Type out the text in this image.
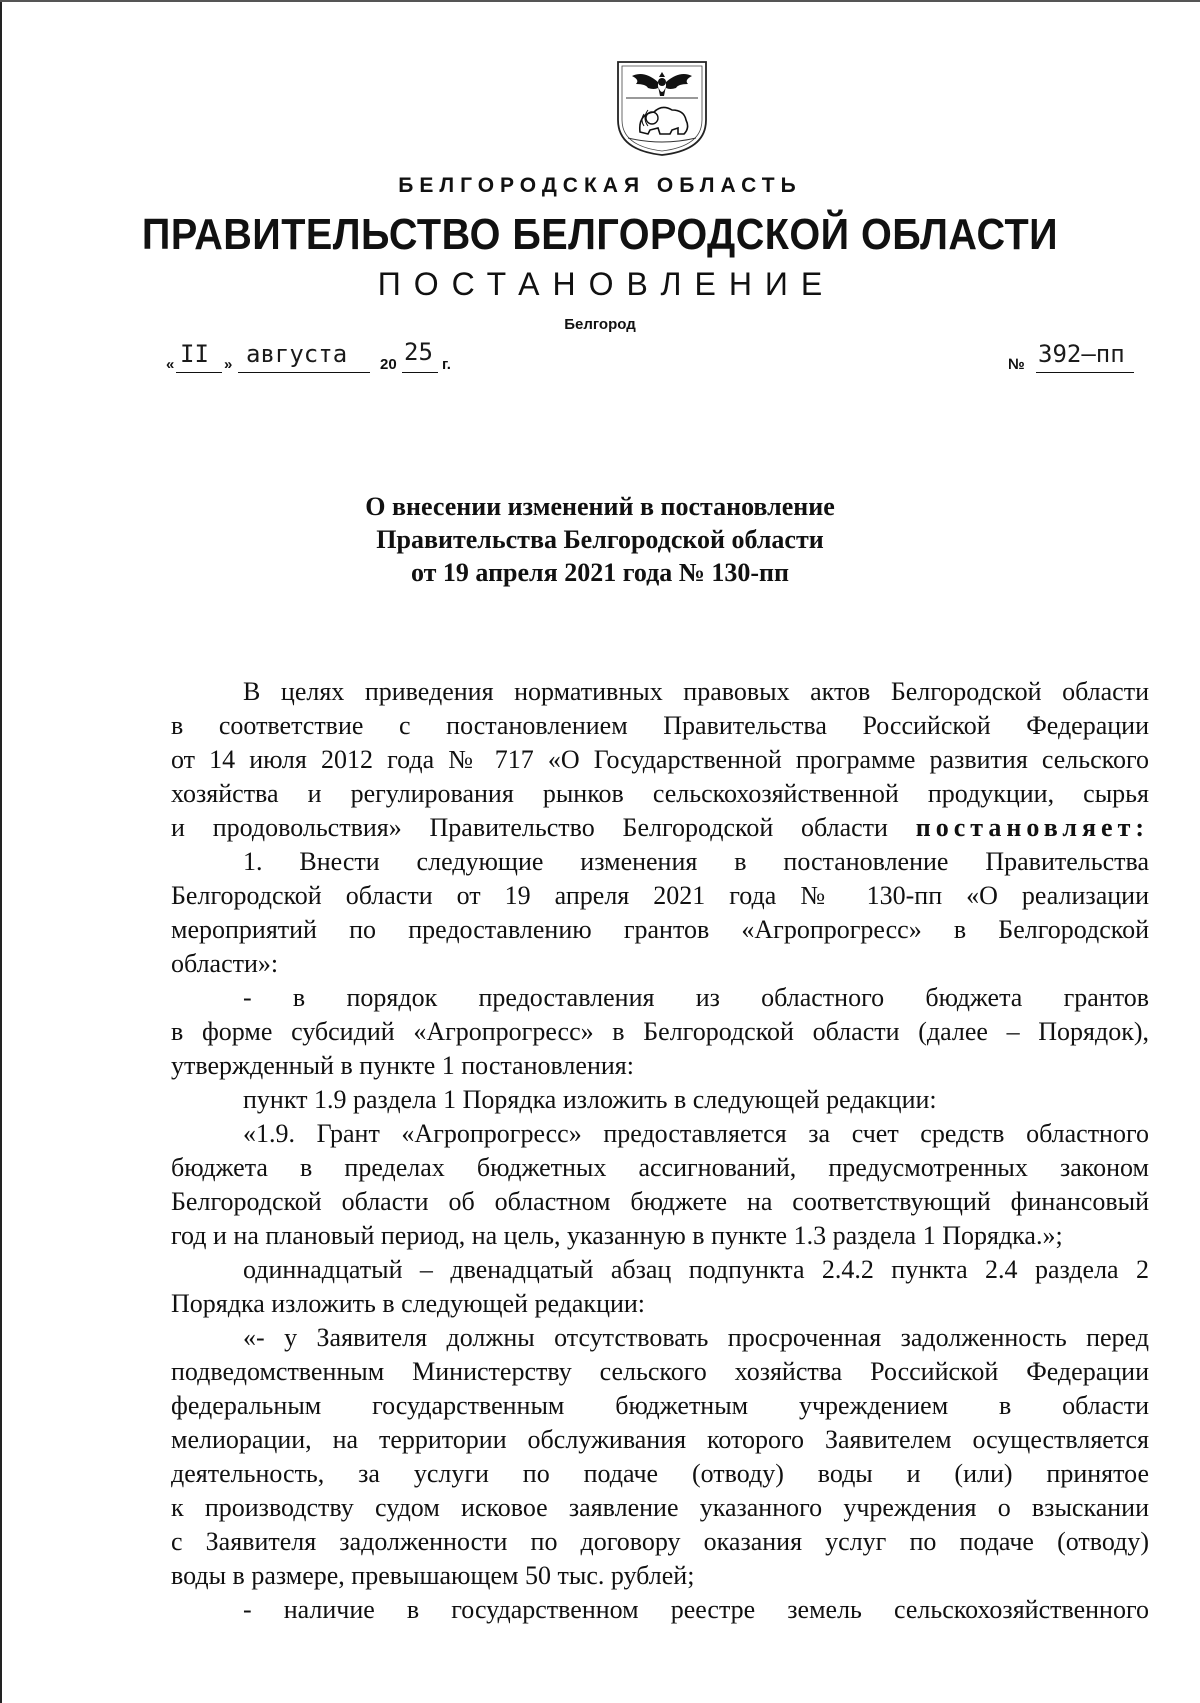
БЕЛГОРОДСКАЯ ОБЛАСТЬ
ПРАВИТЕЛЬСТВО БЕЛГОРОДСКОЙ ОБЛАСТИ
ПОСТАНОВЛЕНИЕ
Белгород
« II » августа 20 25 г.	№ 392–пп
О внесении изменений в постановление
Правительства Белгородской области
от 19 апреля 2021 года № 130-пп

В целях приведения нормативных правовых актов Белгородской области

в соответствие с постановлением Правительства Российской Федерации

от 14 июля 2012 года № 717 «О Государственной программе развития сельского

хозяйства и регулирования рынков сельскохозяйственной продукции, сырья

и продовольствия» Правительство Белгородской области постановляет:

1. Внести следующие изменения в постановление Правительства

Белгородской области от 19 апреля 2021 года № 130-пп «О реализации

мероприятий по предоставлению грантов «Агропрогресс» в Белгородской

области»:

- в порядок предоставления из областного бюджета грантов

в форме субсидий «Агропрогресс» в Белгородской области (далее – Порядок),

утвержденный в пункте 1 постановления:

пункт 1.9 раздела 1 Порядка изложить в следующей редакции:

«1.9. Грант «Агропрогресс» предоставляется за счет средств областного

бюджета в пределах бюджетных ассигнований, предусмотренных законом

Белгородской области об областном бюджете на соответствующий финансовый

год и на плановый период, на цель, указанную в пункте 1.3 раздела 1 Порядка.»;

одиннадцатый – двенадцатый абзац подпункта 2.4.2 пункта 2.4 раздела 2

Порядка изложить в следующей редакции:

«- у Заявителя должны отсутствовать просроченная задолженность перед

подведомственным Министерству сельского хозяйства Российской Федерации

федеральным государственным бюджетным учреждением в области

мелиорации, на территории обслуживания которого Заявителем осуществляется

деятельность, за услуги по подаче (отводу) воды и (или) принятое

к производству судом исковое заявление указанного учреждения о взыскании

с Заявителя задолженности по договору оказания услуг по подаче (отводу)

воды в размере, превышающем 50 тыс. рублей;

- наличие в государственном реестре земель сельскохозяйственного
